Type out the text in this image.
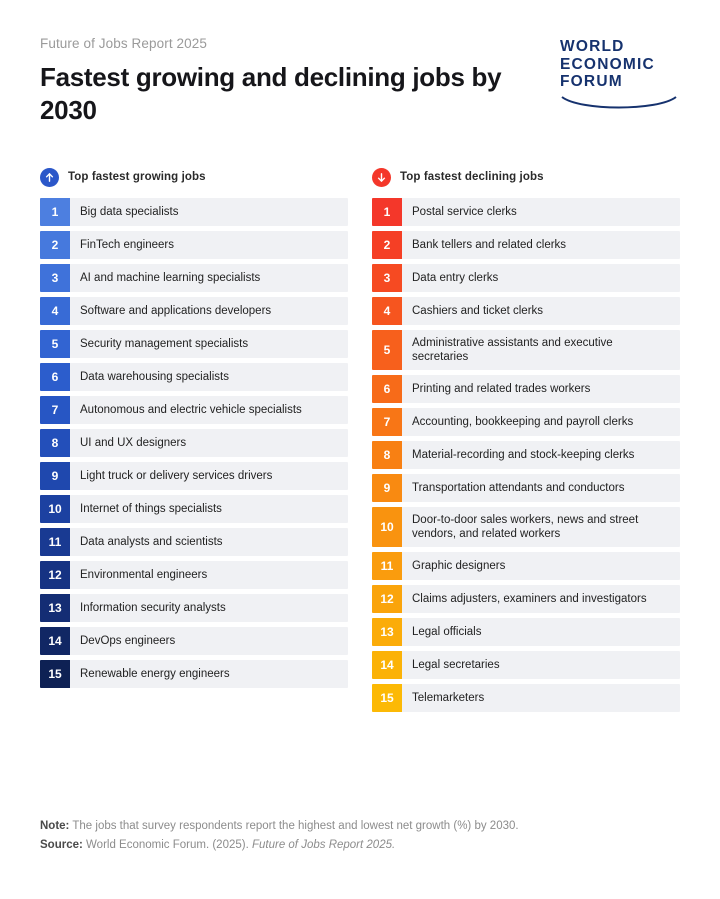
Future of Jobs Report 2025
Fastest growing and declining jobs by 2030
WORLD
ECONOMIC
FORUM
Top fastest growing jobs
1	Big data specialists
2	FinTech engineers
3	AI and machine learning specialists
4	Software and applications developers
5	Security management specialists
6	Data warehousing specialists
7	Autonomous and electric vehicle specialists
8	UI and UX designers
9	Light truck or delivery services drivers
10	Internet of things specialists
11	Data analysts and scientists
12	Environmental engineers
13	Information security analysts
14	DevOps engineers
15	Renewable energy engineers
Top fastest declining jobs
1	Postal service clerks
2	Bank tellers and related clerks
3	Data entry clerks
4	Cashiers and ticket clerks
5	Administrative assistants and executive secretaries
6	Printing and related trades workers
7	Accounting, bookkeeping and payroll clerks
8	Material-recording and stock-keeping clerks
9	Transportation attendants and conductors
10	Door-to-door sales workers, news and street vendors, and related workers
11	Graphic designers
12	Claims adjusters, examiners and investigators
13	Legal officials
14	Legal secretaries
15	Telemarketers
Note: The jobs that survey respondents report the highest and lowest net growth (%) by 2030.
Source: World Economic Forum. (2025). Future of Jobs Report 2025.
